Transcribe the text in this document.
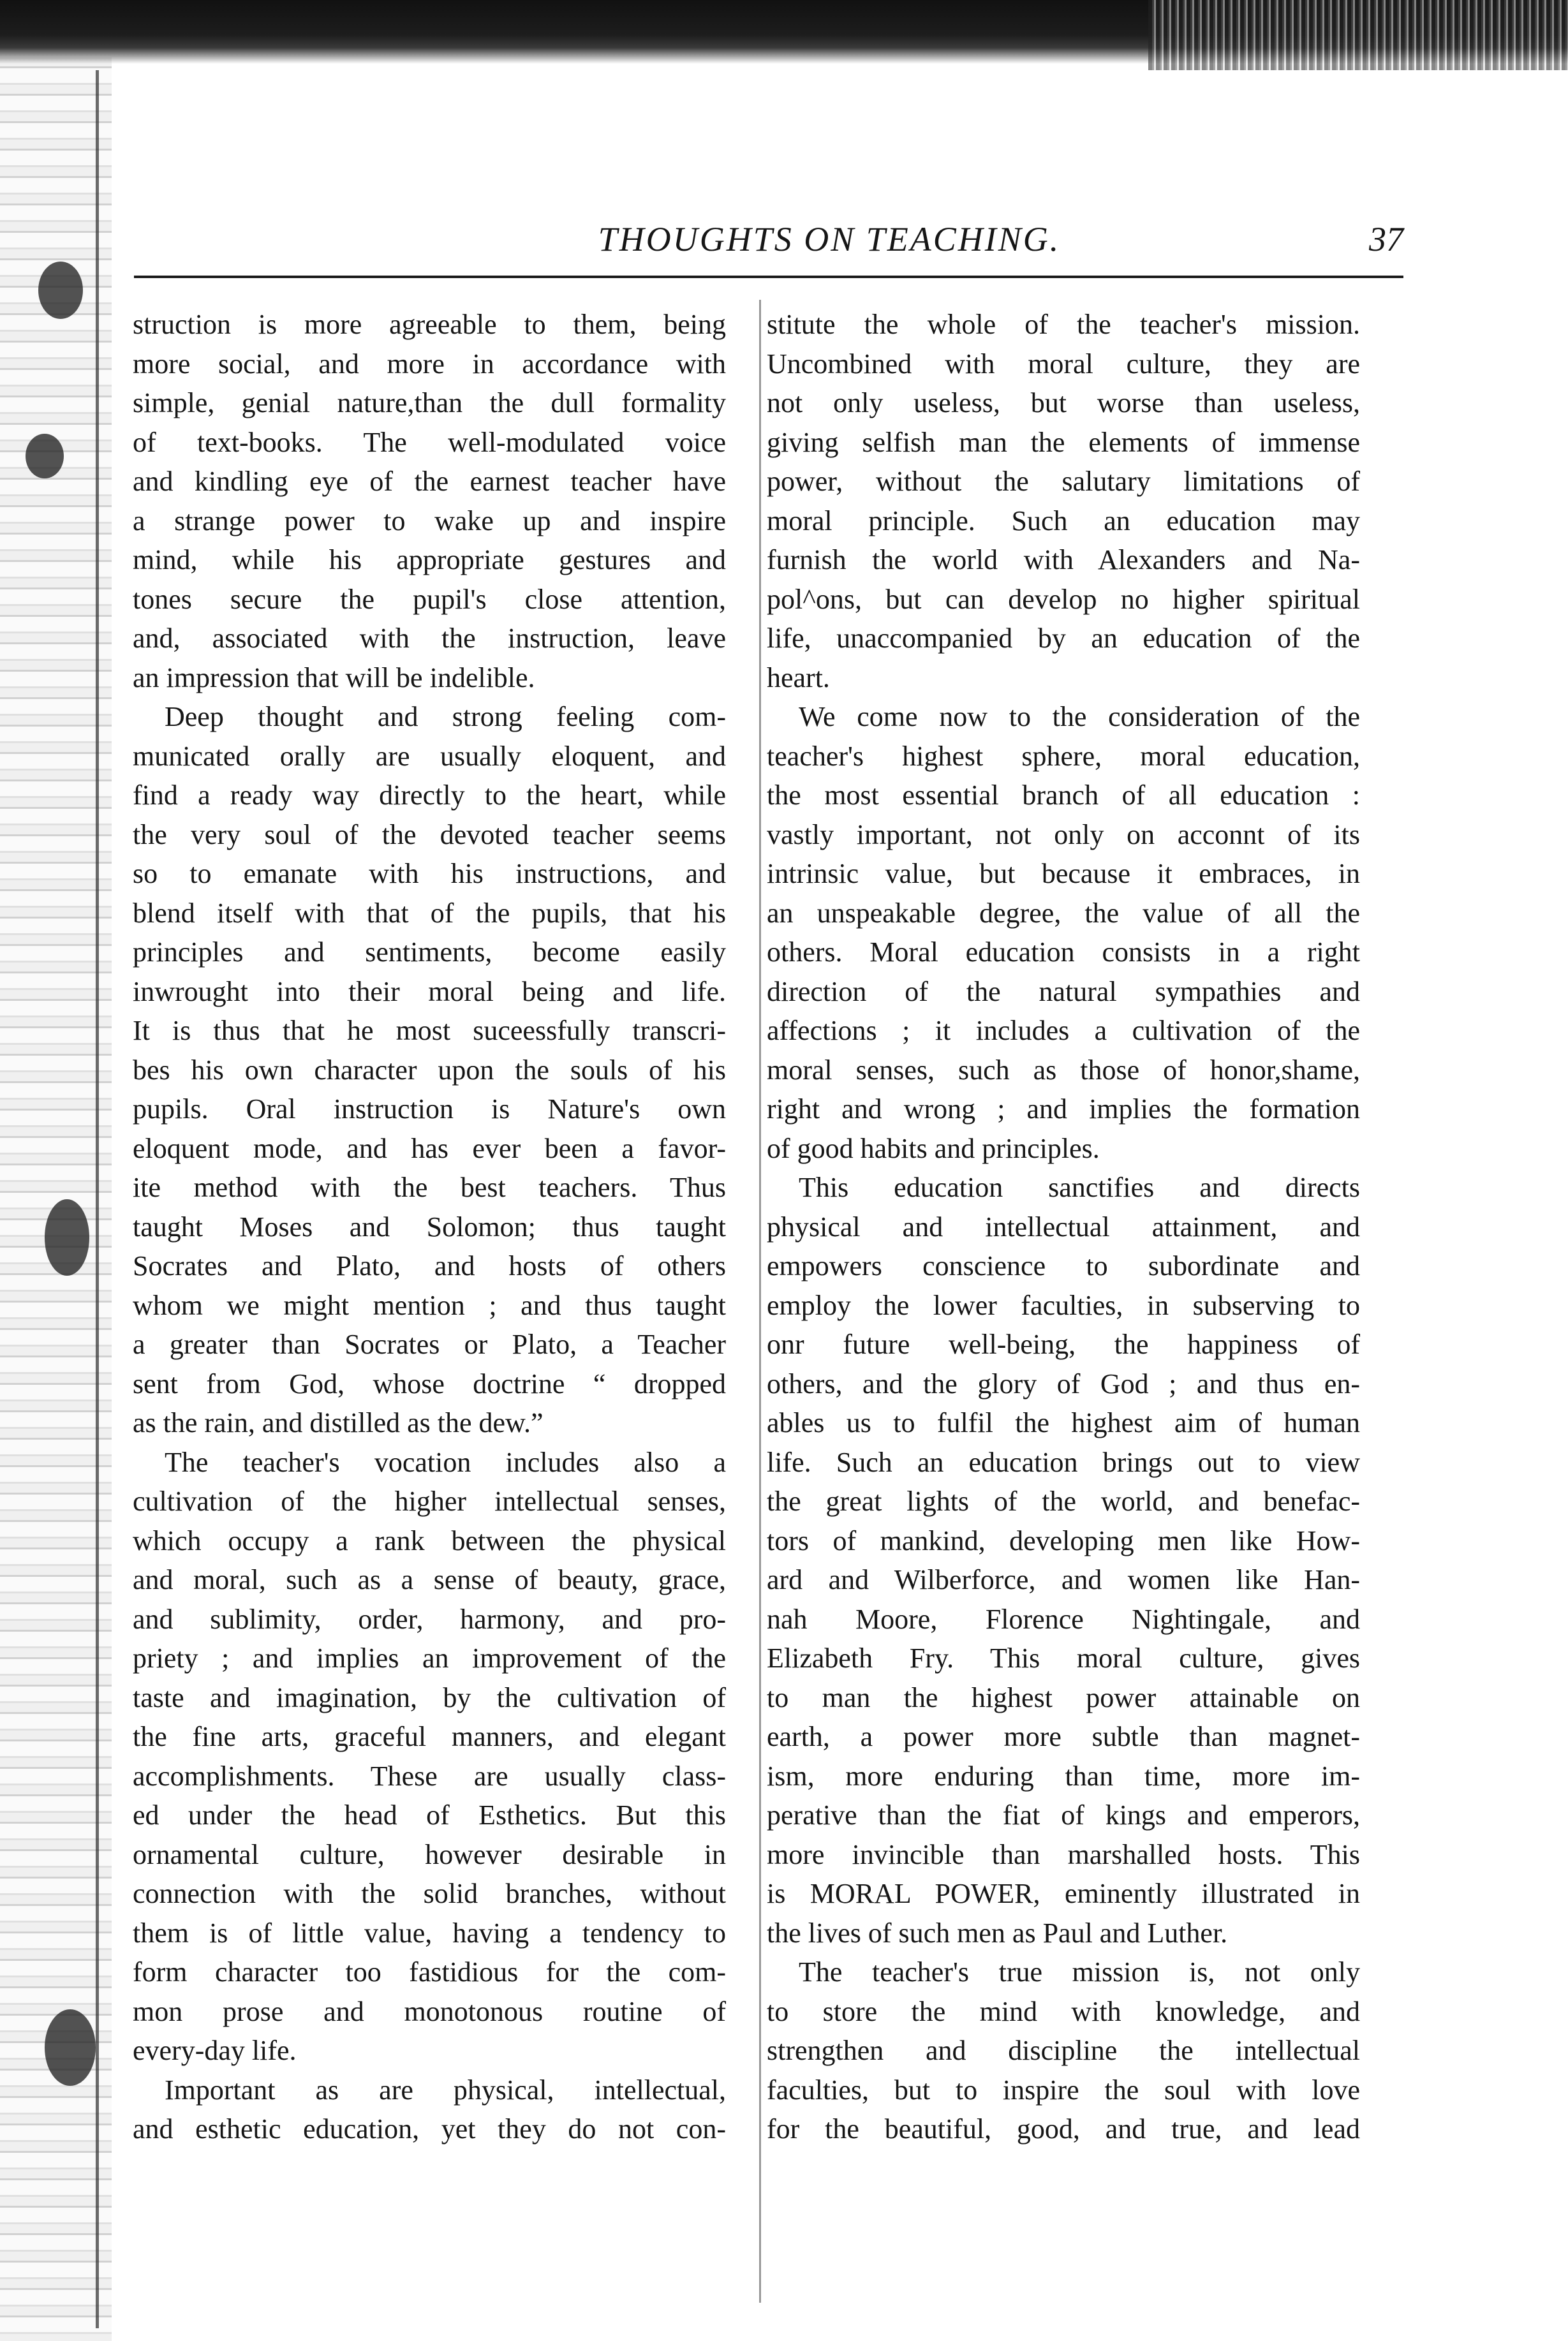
THOUGHTS ON TEACHING.	37
struction is more agreeable to them, being
more social, and more in accordance with
simple, genial nature,than the dull formality
of text-books. The well-modulated voice
and kindling eye of the earnest teacher have
a strange power to wake up and inspire
mind, while his appropriate gestures and
tones secure the pupil's close attention,
and, associated with the instruction, leave
an impression that will be indelible.
Deep thought and strong feeling com-
municated orally are usually eloquent, and
find a ready way directly to the heart, while
the very soul of the devoted teacher seems
so to emanate with his instructions, and
blend itself with that of the pupils, that his
principles and sentiments, become easily
inwrought into their moral being and life.
It is thus that he most suceessfully transcri-
bes his own character upon the souls of his
pupils. Oral instruction is Nature's own
eloquent mode, and has ever been a favor-
ite method with the best teachers. Thus
taught Moses and Solomon; thus taught
Socrates and Plato, and hosts of others
whom we might mention ; and thus taught
a greater than Socrates or Plato, a Teacher
sent from God, whose doctrine “ dropped
as the rain, and distilled as the dew.”
The teacher's vocation includes also a
cultivation of the higher intellectual senses,
which occupy a rank between the physical
and moral, such as a sense of beauty, grace,
and sublimity, order, harmony, and pro-
priety ; and implies an improvement of the
taste and imagination, by the cultivation of
the fine arts, graceful manners, and elegant
accomplishments. These are usually class-
ed under the head of Esthetics. But this
ornamental culture, however desirable in
connection with the solid branches, without
them is of little value, having a tendency to
form character too fastidious for the com-
mon prose and monotonous routine of
every-day life.
Important as are physical, intellectual,
and esthetic education, yet they do not con-
stitute the whole of the teacher's mission.
Uncombined with moral culture, they are
not only useless, but worse than useless,
giving selfish man the elements of immense
power, without the salutary limitations of
moral principle. Such an education may
furnish the world with Alexanders and Na-
pol^ons, but can develop no higher spiritual
life, unaccompanied by an education of the
heart.
We come now to the consideration of the
teacher's highest sphere, moral education,
the most essential branch of all education :
vastly important, not only on acconnt of its
intrinsic value, but because it embraces, in
an unspeakable degree, the value of all the
others. Moral education consists in a right
direction of the natural sympathies and
affections ; it includes a cultivation of the
moral senses, such as those of honor,shame,
right and wrong ; and implies the formation
of good habits and principles.
This education sanctifies and directs
physical and intellectual attainment, and
empowers conscience to subordinate and
employ the lower faculties, in subserving to
onr future well-being, the happiness of
others, and the glory of God ; and thus en-
ables us to fulfil the highest aim of human
life. Such an education brings out to view
the great lights of the world, and benefac-
tors of mankind, developing men like How-
ard and Wilberforce, and women like Han-
nah Moore, Florence Nightingale, and
Elizabeth Fry. This moral culture, gives
to man the highest power attainable on
earth, a power more subtle than magnet-
ism, more enduring than time, more im-
perative than the fiat of kings and emperors,
more invincible than marshalled hosts. This
is MORAL POWER, eminently illustrated in
the lives of such men as Paul and Luther.
The teacher's true mission is, not only
to store the mind with knowledge, and
strengthen and discipline the intellectual
faculties, but to inspire the soul with love
for the beautiful, good, and true, and lead
